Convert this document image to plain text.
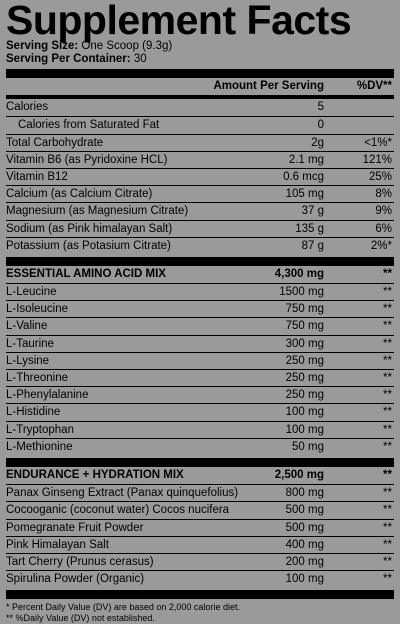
Supplement Facts
Serving Size: One Scoop (9.3g)
Serving Per Container: 30
Amount Per Serving	%DV**
Calories	5
Calories from Saturated Fat	0
Total Carbohydrate	2g	<1%*
Vitamin B6 (as Pyridoxine HCL)	2.1 mg	121%
Vitamin B12	0.6 mcg	25%
Calcium (as Calcium Citrate)	105 mg	8%
Magnesium (as Magnesium Citrate)	37 g	9%
Sodium (as Pink himalayan Salt)	135 g	6%
Potassium (as Potasium Citrate)	87 g	2%*
ESSENTIAL AMINO ACID MIX	4,300 mg	**
L-Leucine	1500 mg	**
L-Isoleucine	750 mg	**
L-Valine	750 mg	**
L-Taurine	300 mg	**
L-Lysine	250 mg	**
L-Threonine	250 mg	**
L-Phenylalanine	250 mg	**
L-Histidine	100 mg	**
L-Tryptophan	100 mg	**
L-Methionine	50 mg	**
ENDURANCE + HYDRATION MIX	2,500 mg	**
Panax Ginseng Extract (Panax quinquefolius)	800 mg	**
Cocooganic (coconut water) Cocos nucifera	500 mg	**
Pomegranate Fruit Powder	500 mg	**
Pink Himalayan Salt	400 mg	**
Tart Cherry (Prunus cerasus)	200 mg	**
Spirulina Powder (Organic)	100 mg	**
* Percent Daily Value (DV) are based on 2,000 calorie diet.
** %Daily Value (DV) not established.
